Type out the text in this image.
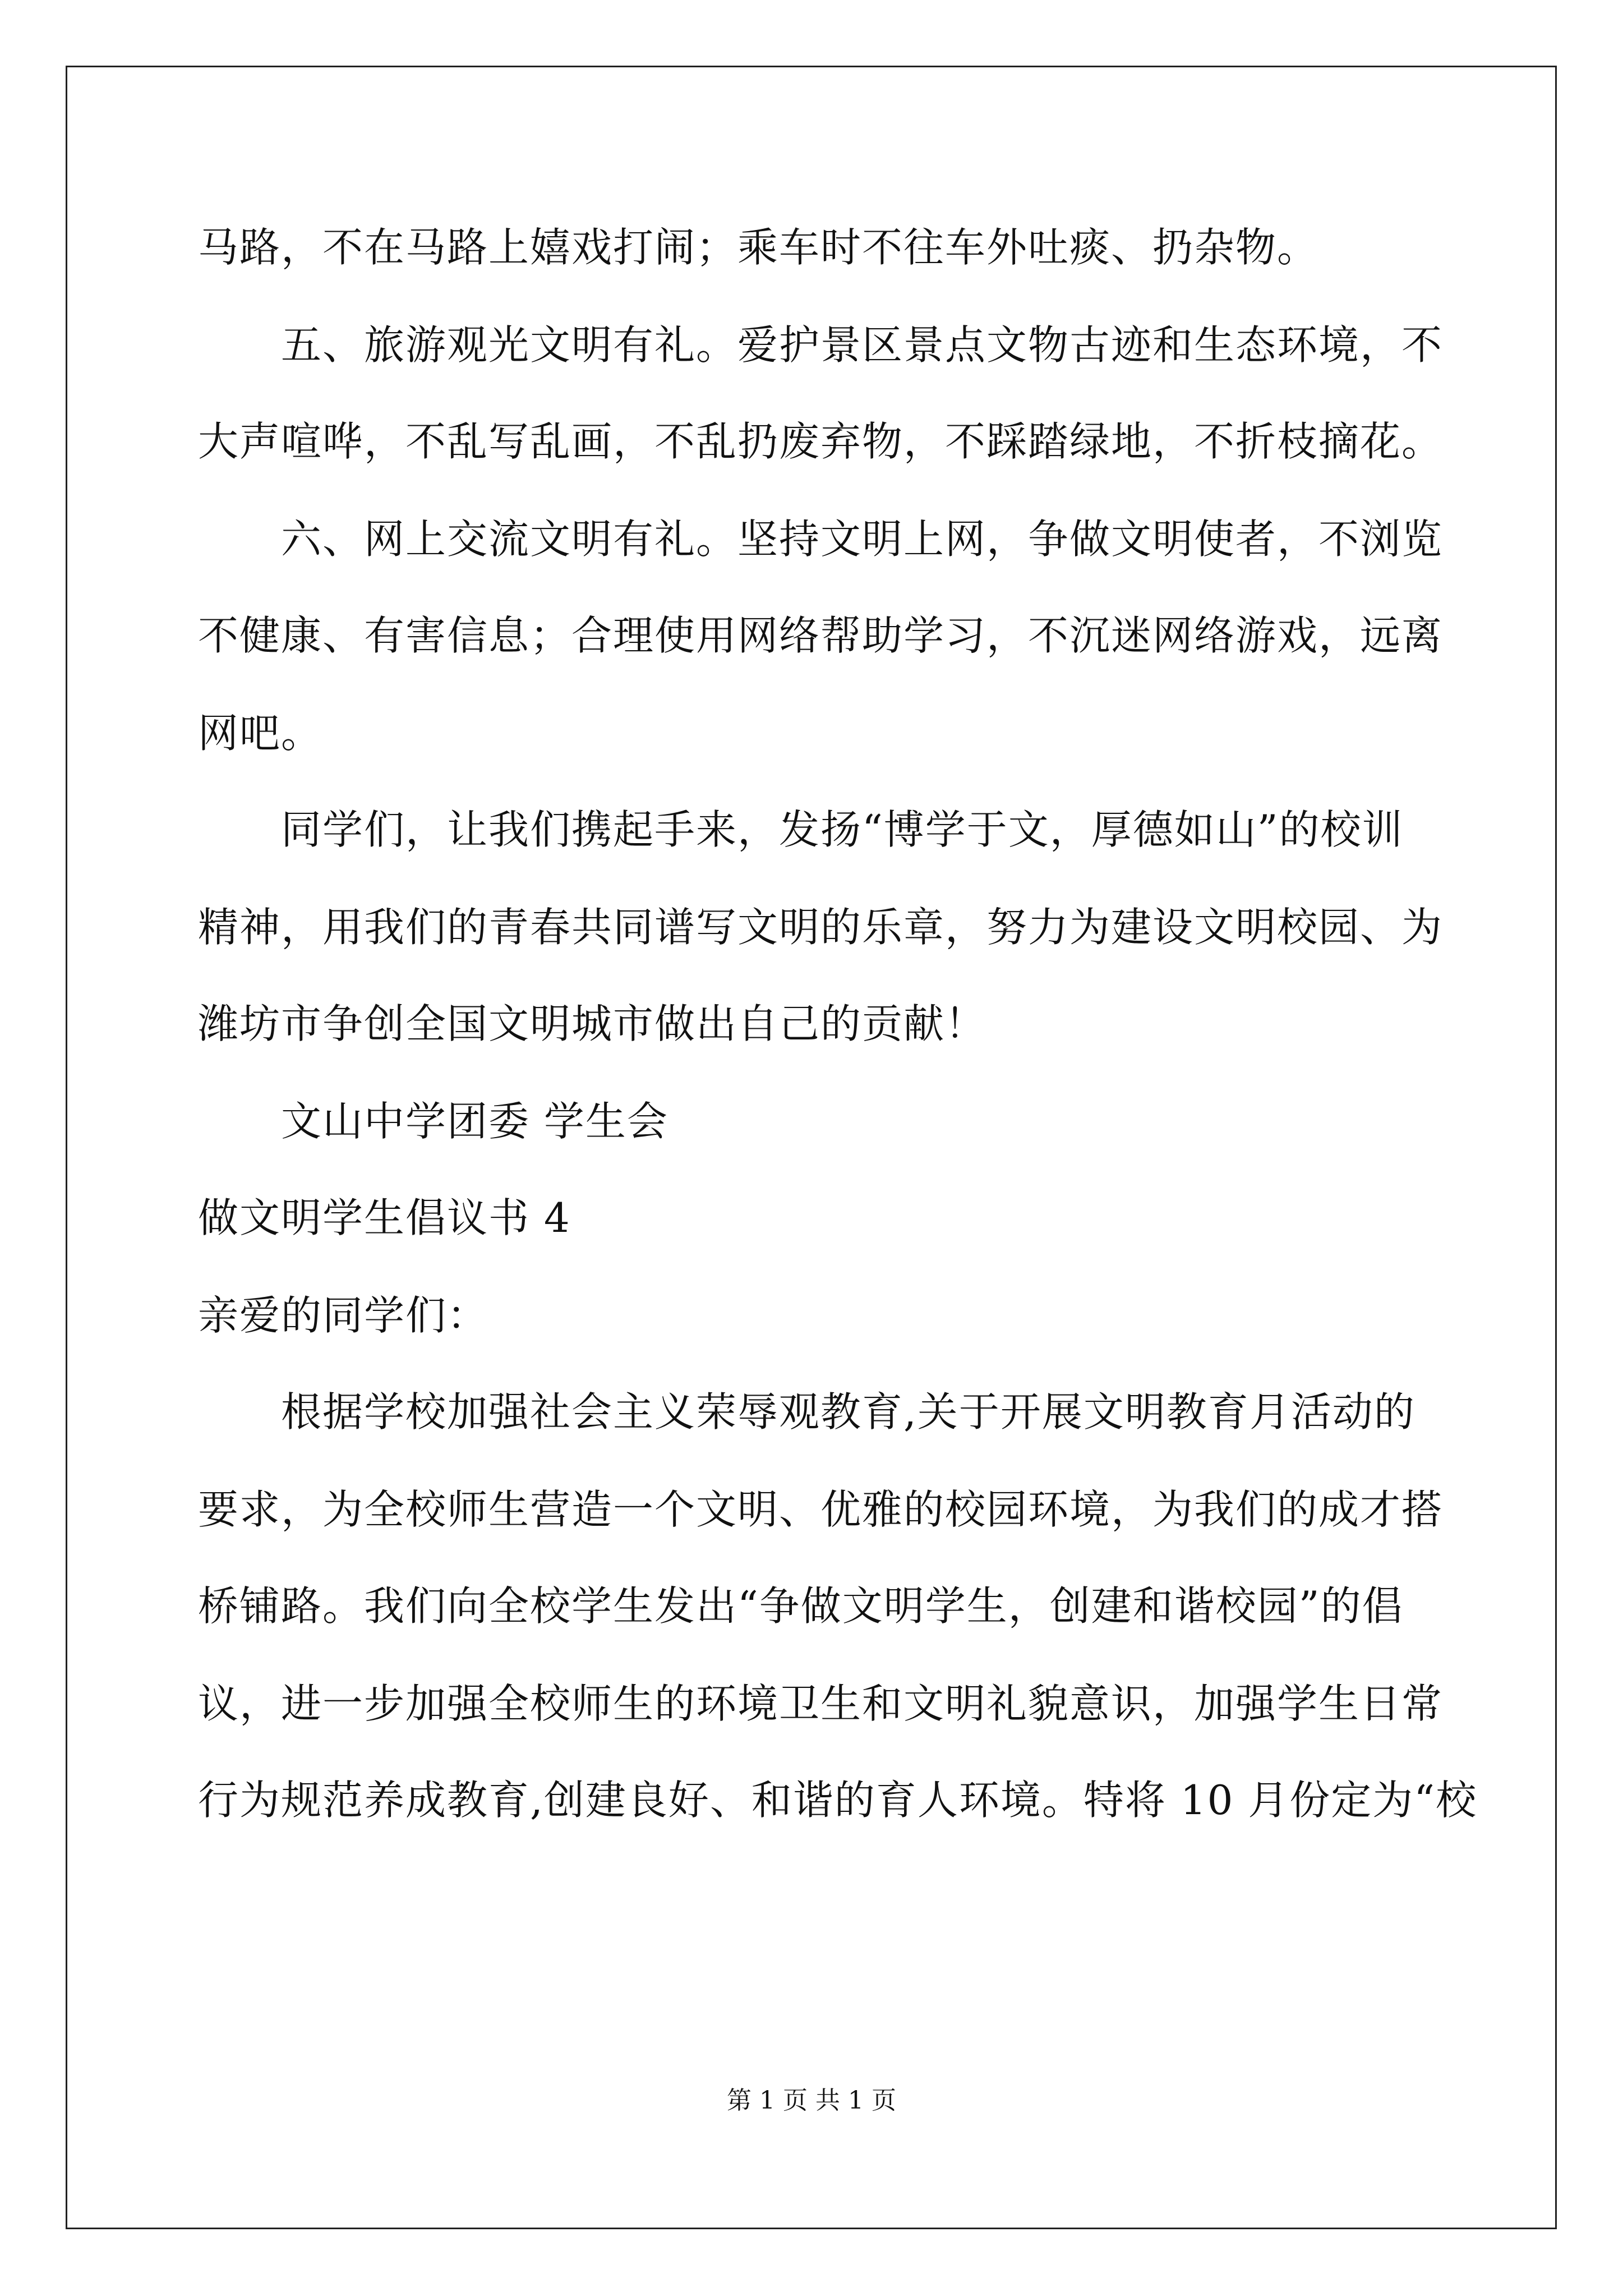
马路，不在马路上嬉戏打闹；乘车时不往车外吐痰、扔杂物。
五、旅游观光文明有礼。爱护景区景点文物古迹和生态环境，不
大声喧哗，不乱写乱画，不乱扔废弃物，不踩踏绿地，不折枝摘花。
六、网上交流文明有礼。坚持文明上网，争做文明使者，不浏览
不健康、有害信息；合理使用网络帮助学习，不沉迷网络游戏，远离
网吧。
同学们，让我们携起手来，发扬“博学于文，厚德如山”的校训
精神，用我们的青春共同谱写文明的乐章，努力为建设文明校园、为
潍坊市争创全国文明城市做出自己的贡献！
文山中学团委 学生会
做文明学生倡议书 4
亲爱的同学们：
根据学校加强社会主义荣辱观教育,关于开展文明教育月活动的
要求，为全校师生营造一个文明、优雅的校园环境，为我们的成才搭
桥铺路。我们向全校学生发出“争做文明学生，创建和谐校园”的倡
议，进一步加强全校师生的环境卫生和文明礼貌意识，加强学生日常
行为规范养成教育,创建良好、和谐的育人环境。特将 10 月份定为“校
第 1 页 共 1 页
